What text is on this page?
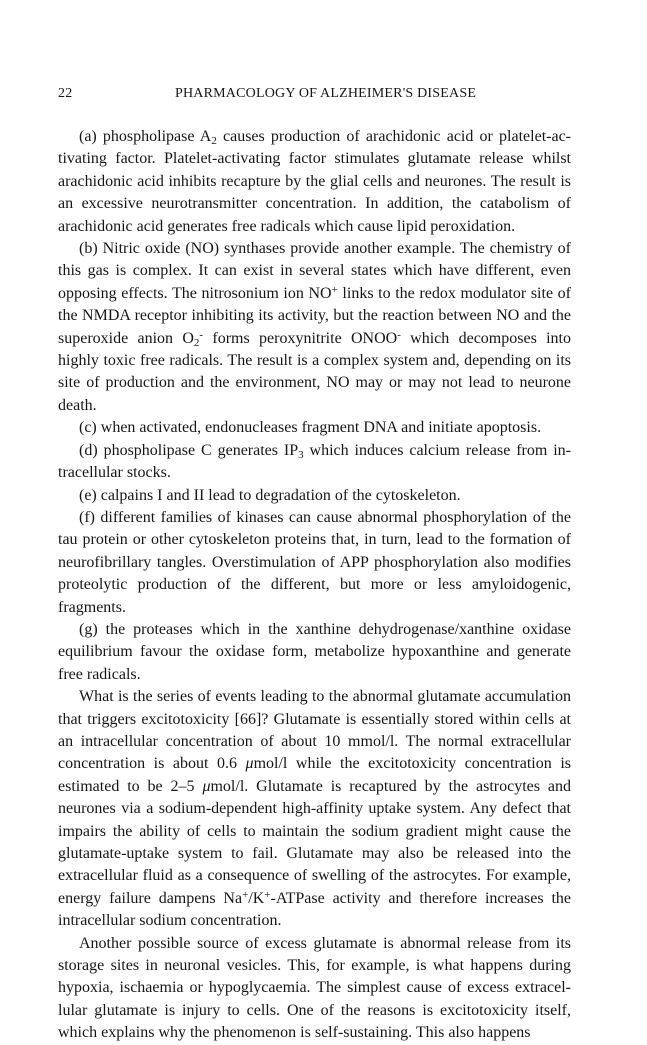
22	PHARMACOLOGY OF ALZHEIMER'S DISEASE

(a) phospholipase $A_2$ causes production of arachidonic acid or platelet-activating factor. Platelet-activating factor stimulates glutamate release whilst arachidonic acid inhibits recapture by the glial cells and neurones. The result is an excessive neurotransmitter concentration. In addition, the catabolism of arachidonic acid generates free radicals which cause lipid peroxidation.

(b) Nitric oxide (NO) synthases provide another example. The chemistry of this gas is complex. It can exist in several states which have different, even opposing effects. The nitrosonium ion NO+ links to the redox modulator site of the NMDA receptor inhibiting its activity, but the reaction between NO and the superoxide anion $O_2^-$ forms peroxynitrite ONOO- which decomposes into highly toxic free radicals. The result is a complex system and, depending on its site of production and the environment, NO may or may not lead to neurone death.

(c) when activated, endonucleases fragment DNA and initiate apoptosis.

(d) phospholipase C generates $IP_3$ which induces calcium release from intracellular stocks.

(e) calpains I and II lead to degradation of the cytoskeleton.

(f) different families of kinases can cause abnormal phosphorylation of the tau protein or other cytoskeleton proteins that, in turn, lead to the formation of neurofibrillary tangles. Overstimulation of APP phosphorylation also modifies proteolytic production of the different, but more or less amyloidogenic, fragments.

(g) the proteases which in the xanthine dehydrogenase/xanthine oxidase equilibrium favour the oxidase form, metabolize hypoxanthine and generate free radicals.

What is the series of events leading to the abnormal glutamate accumulation that triggers excitotoxicity [66]? Glutamate is essentially stored within cells at an intracellular concentration of about 10 mmol/l. The normal extracellular concentration is about 0.6 μmol/l while the excitotoxicity concentration is estimated to be 2–5 μmol/l. Glutamate is recaptured by the astrocytes and neurones via a sodium-dependent high-affinity uptake system. Any defect that impairs the ability of cells to maintain the sodium gradient might cause the glutamate-uptake system to fail. Glutamate may also be released into the extracellular fluid as a consequence of swelling of the astrocytes. For example, energy failure dampens Na+/K+-ATPase activity and therefore increases the intracellular sodium concentration.

Another possible source of excess glutamate is abnormal release from its storage sites in neuronal vesicles. This, for example, is what happens during hypoxia, ischaemia or hypoglycaemia. The simplest cause of excess extracellular glutamate is injury to cells. One of the reasons is excitotoxicity itself, which explains why the phenomenon is self-sustaining. This also happens
